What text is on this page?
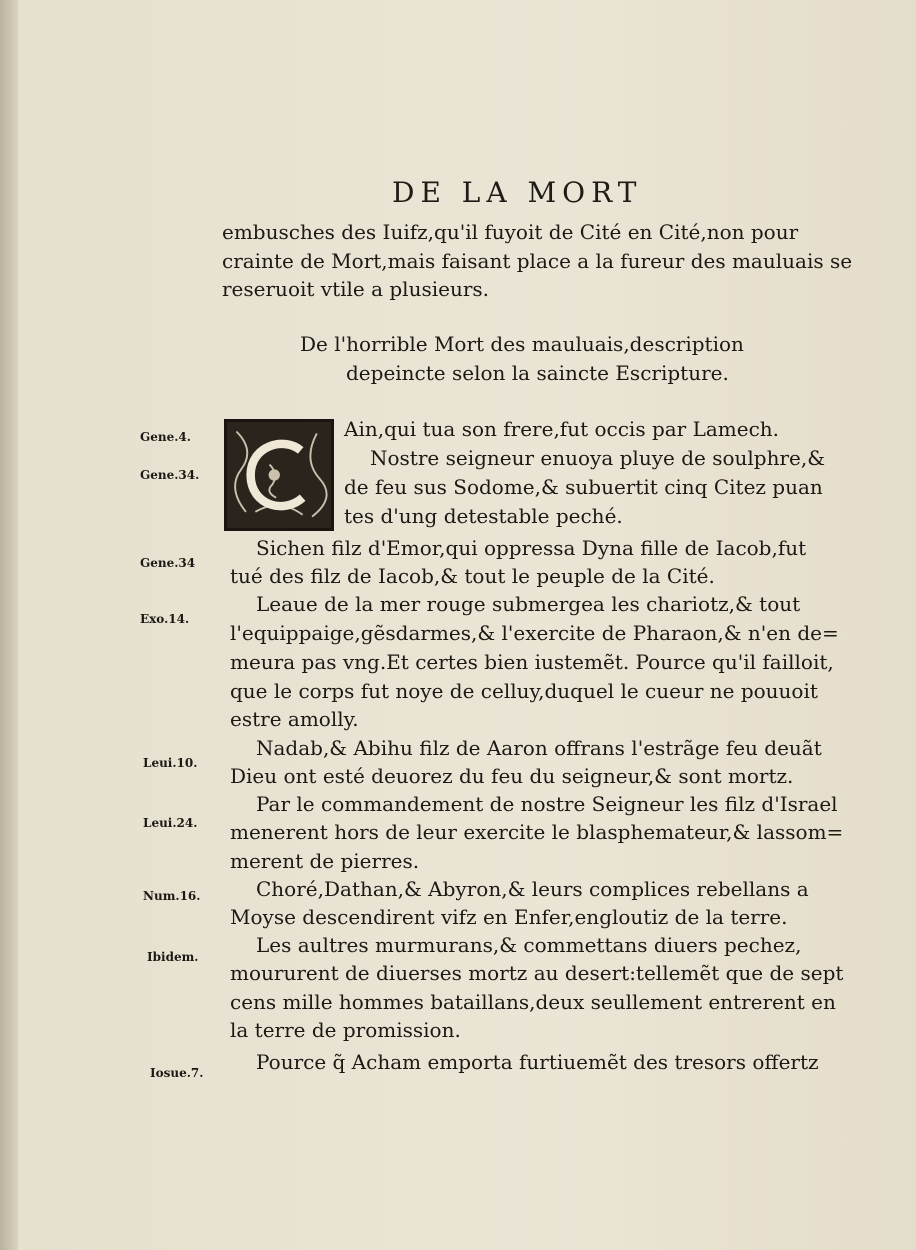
DE LA MORT
embusches des Iuifz,qu'il fuyoit de Cité en Cité,non pour
crainte de Mort,mais faisant place a la fureur des mauluais se
reseruoit vtile a plusieurs.
De l'horrible Mort des mauluais,description
depeincte selon la saincte Escripture.
C
Ain,qui tua son frere,fut occis par Lamech.
Nostre seigneur enuoya pluye de soulphre,&
de feu sus Sodome,& subuertit cinq Citez puan
tes d'ung detestable peché.
Sichen filz d'Emor,qui oppressa Dyna fille de Iacob,fut
tué des filz de Iacob,& tout le peuple de la Cité.
Leaue de la mer rouge submergea les chariotz,& tout
l'equippaige,gẽsdarmes,& l'exercite de Pharaon,& n'en de=
meura pas vng.Et certes bien iustemẽt. Pource qu'il failloit,
que le corps fut noye de celluy,duquel le cueur ne pouuoit
estre amolly.
Nadab,& Abihu filz de Aaron offrans l'estrãge feu deuãt
Dieu ont esté deuorez du feu du seigneur,& sont mortz.
Par le commandement de nostre Seigneur les filz d'Israel
menerent hors de leur exercite le blasphemateur,& lassom=
merent de pierres.
Choré,Dathan,& Abyron,& leurs complices rebellans a
Moyse descendirent vifz en Enfer,engloutiz de la terre.
Les aultres murmurans,& commettans diuers pechez,
moururent de diuerses mortz au desert:tellemẽt que de sept
cens mille hommes bataillans,deux seullement entrerent en
la terre de promission.
Pource q̃ Acham emporta furtiuemẽt des tresors offertz
Gene.4.
Gene.34.
Gene.34
Exo.14.
Leui.10.
Leui.24.
Num.16.
Ibidem.
Iosue.7.
